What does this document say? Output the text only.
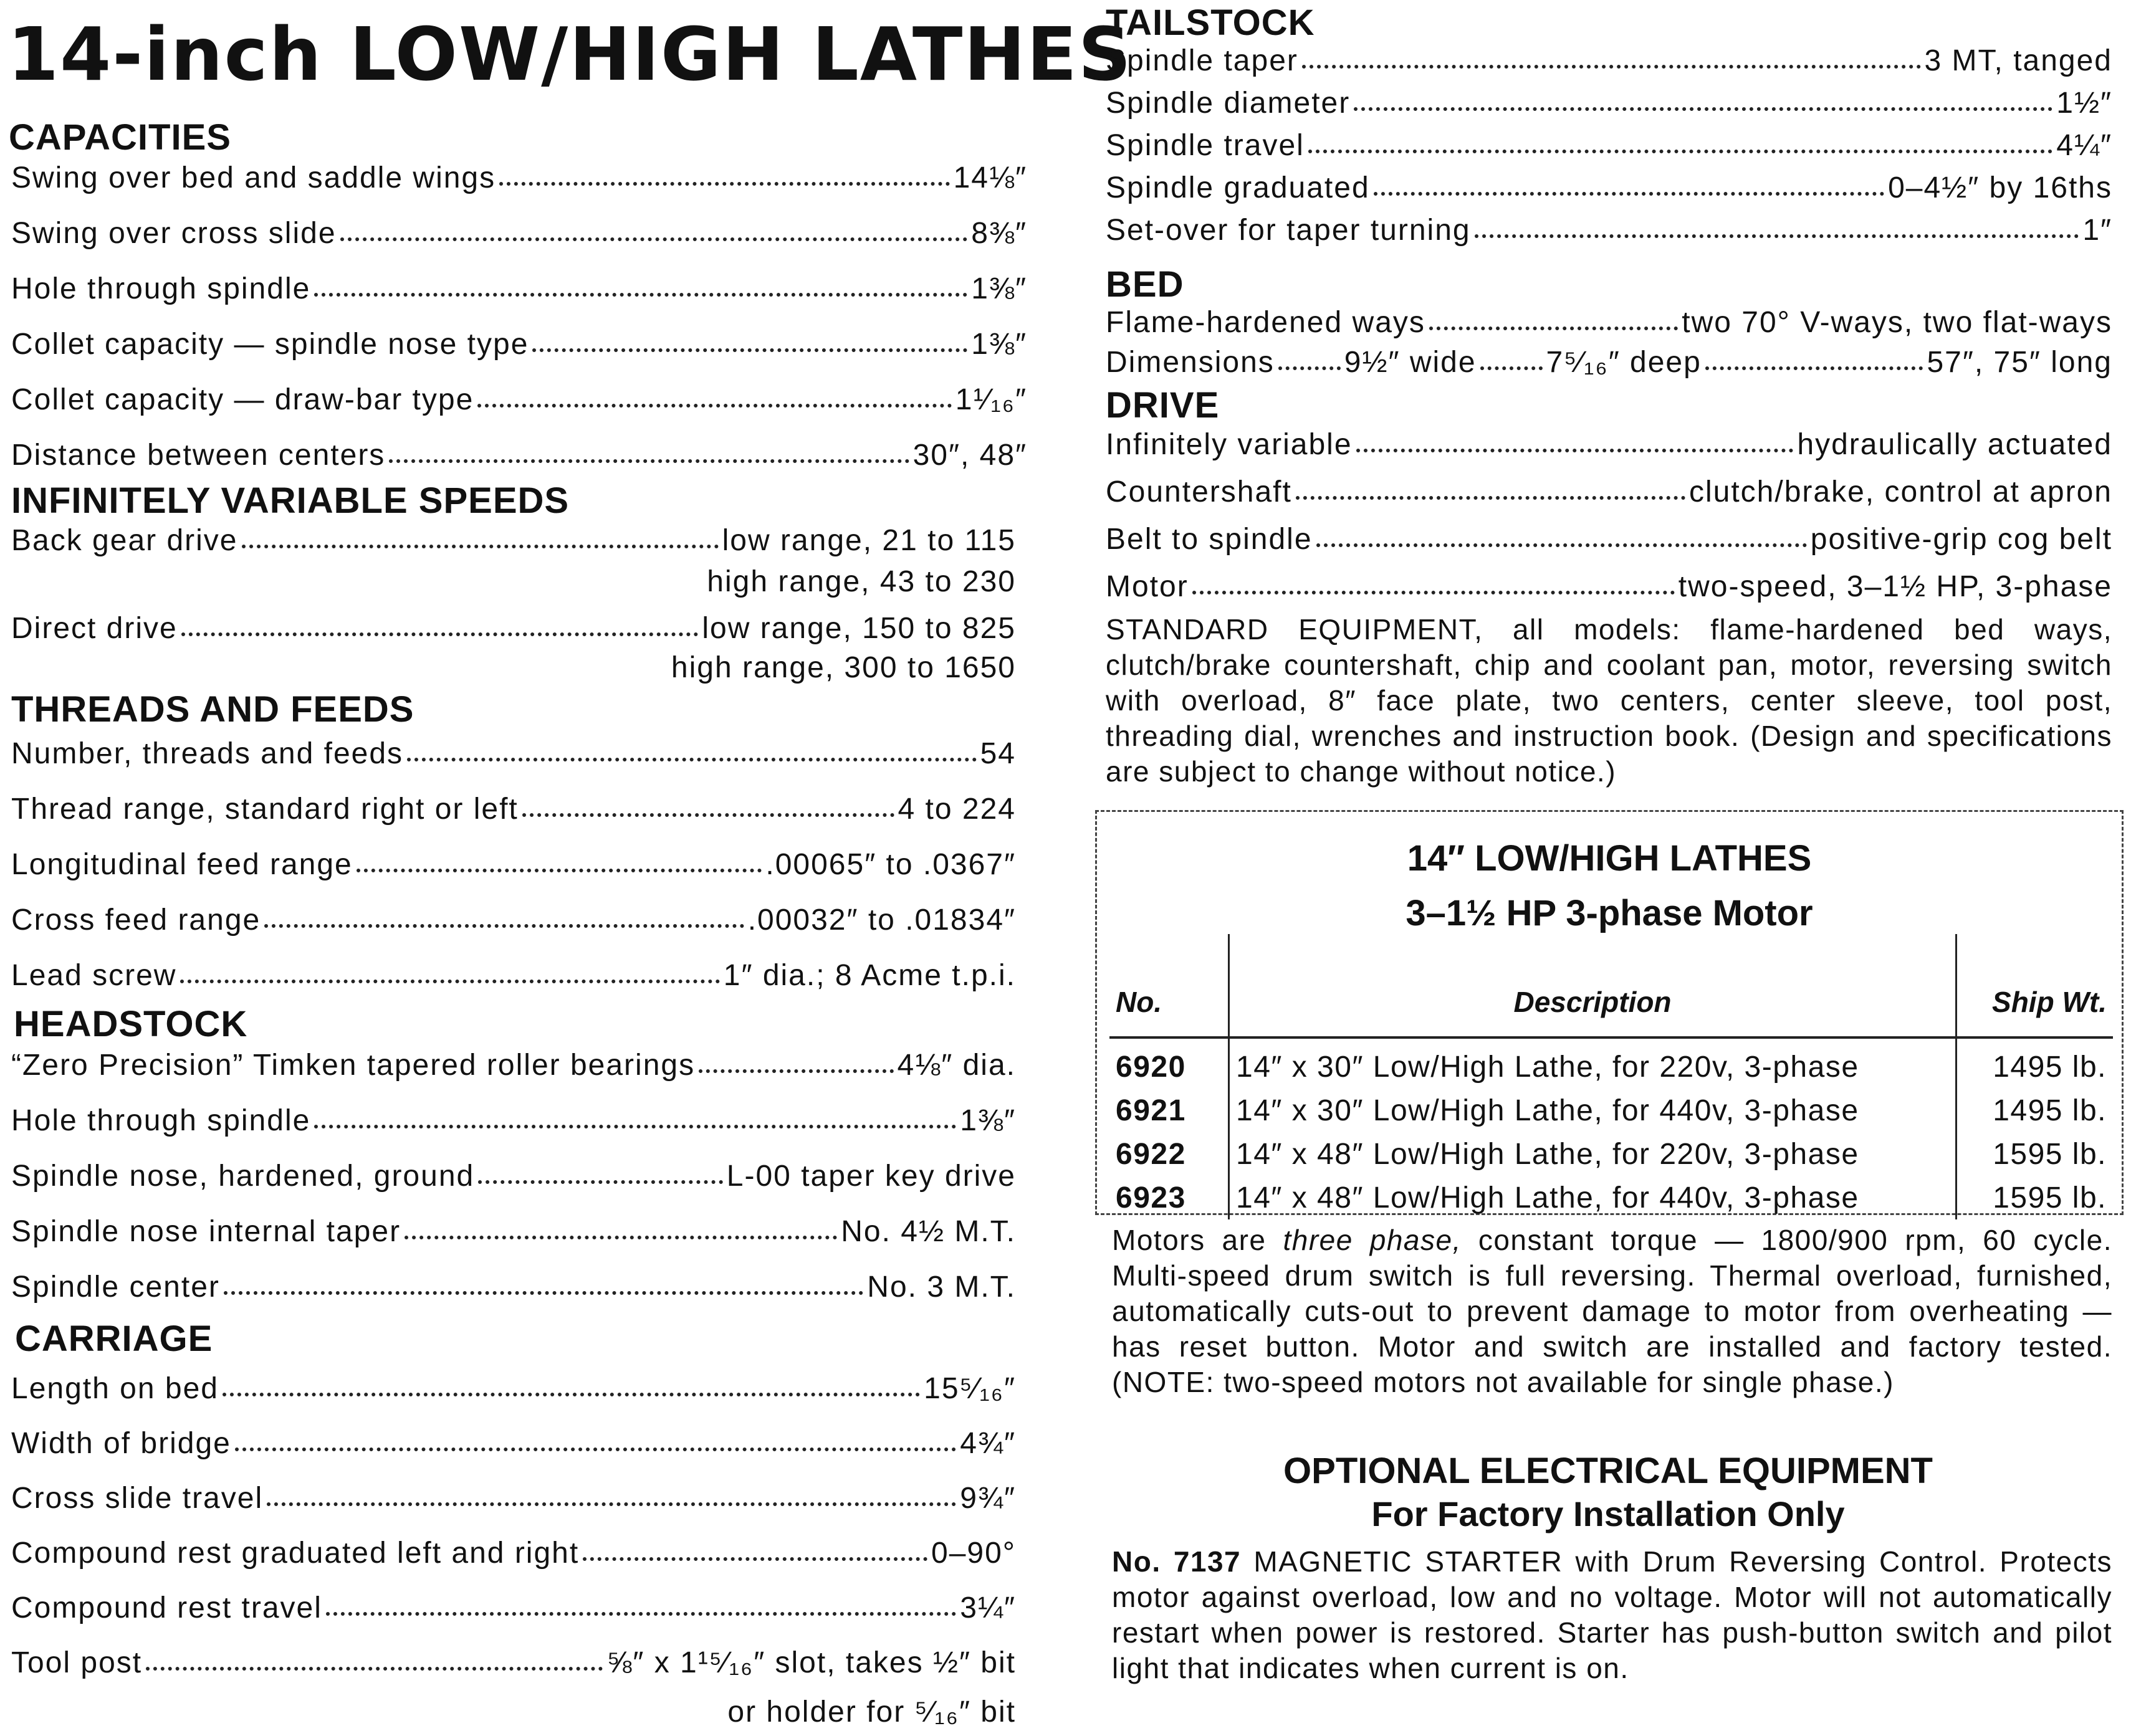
14-inch LOW/HIGH LATHES
CAPACITIES
Swing over bed and saddle wings	14⅛″
Swing over cross slide	8⅜″
Hole through spindle	1⅜″
Collet capacity — spindle nose type	1⅜″
Collet capacity — draw-bar type	1¹⁄₁₆″
Distance between centers	30″, 48″
INFINITELY VARIABLE SPEEDS
Back gear drive	low range, 21 to 115
high range, 43 to 230
Direct drive	low range, 150 to 825
high range, 300 to 1650
THREADS AND FEEDS
Number, threads and feeds	54
Thread range, standard right or left	4 to 224
Longitudinal feed range	.00065″ to .0367″
Cross feed range	.00032″ to .01834″
Lead screw	1″ dia.; 8 Acme t.p.i.
HEADSTOCK
“Zero Precision” Timken tapered roller bearings	4⅛″ dia.
Hole through spindle	1⅜″
Spindle nose, hardened, ground	L-00 taper key drive
Spindle nose internal taper	No. 4½ M.T.
Spindle center	No. 3 M.T.
CARRIAGE
Length on bed	15⁵⁄₁₆″
Width of bridge	4¾″
Cross slide travel	9¾″
Compound rest graduated left and right	0–90°
Compound rest travel	3¼″
Tool post	⅝″ x 1¹⁵⁄₁₆″ slot, takes ½″ bit
or holder for ⁵⁄₁₆″ bit
TAILSTOCK
Spindle taper	3 MT, tanged
Spindle diameter	1½″
Spindle travel	4¼″
Spindle graduated	0–4½″ by 16ths
Set-over for taper turning	1″
BED
Flame-hardened ways	two 70° V-ways, two flat-ways
Dimensions 9½″ wide 7⁵⁄₁₆″ deep	57″, 75″ long
DRIVE
Infinitely variable	hydraulically actuated
Countershaft	clutch/brake, control at apron
Belt to spindle	positive-grip cog belt
Motor	two-speed, 3–1½ HP, 3-phase
STANDARD EQUIPMENT, all models: flame-hardened bed ways, clutch/brake countershaft, chip and coolant pan, motor, reversing switch with overload, 8″ face plate, two centers, center sleeve, tool post, threading dial, wrenches and instruction book. (Design and specifications are subject to change without notice.)
Motors are three phase, constant torque — 1800/900 rpm, 60 cycle. Multi-speed drum switch is full reversing. Thermal overload, furnished, automatically cuts-out to prevent damage to motor from overheating — has reset button. Motor and switch are installed and factory tested. (NOTE: two-speed motors not available for single phase.)
OPTIONAL ELECTRICAL EQUIPMENT
For Factory Installation Only
No. 7137 MAGNETIC STARTER with Drum Reversing Control. Protects motor against overload, low and no voltage. Motor will not automatically restart when power is restored. Starter has push-button switch and pilot light that indicates when current is on.
14″ LOW/HIGH LATHES
3–1½ HP 3-phase Motor
No.	Description	Ship Wt.
6920	14″ x 30″ Low/High Lathe, for 220v, 3-phase	1495 lb.
6921	14″ x 30″ Low/High Lathe, for 440v, 3-phase	1495 lb.
6922	14″ x 48″ Low/High Lathe, for 220v, 3-phase	1595 lb.
6923	14″ x 48″ Low/High Lathe, for 440v, 3-phase	1595 lb.
